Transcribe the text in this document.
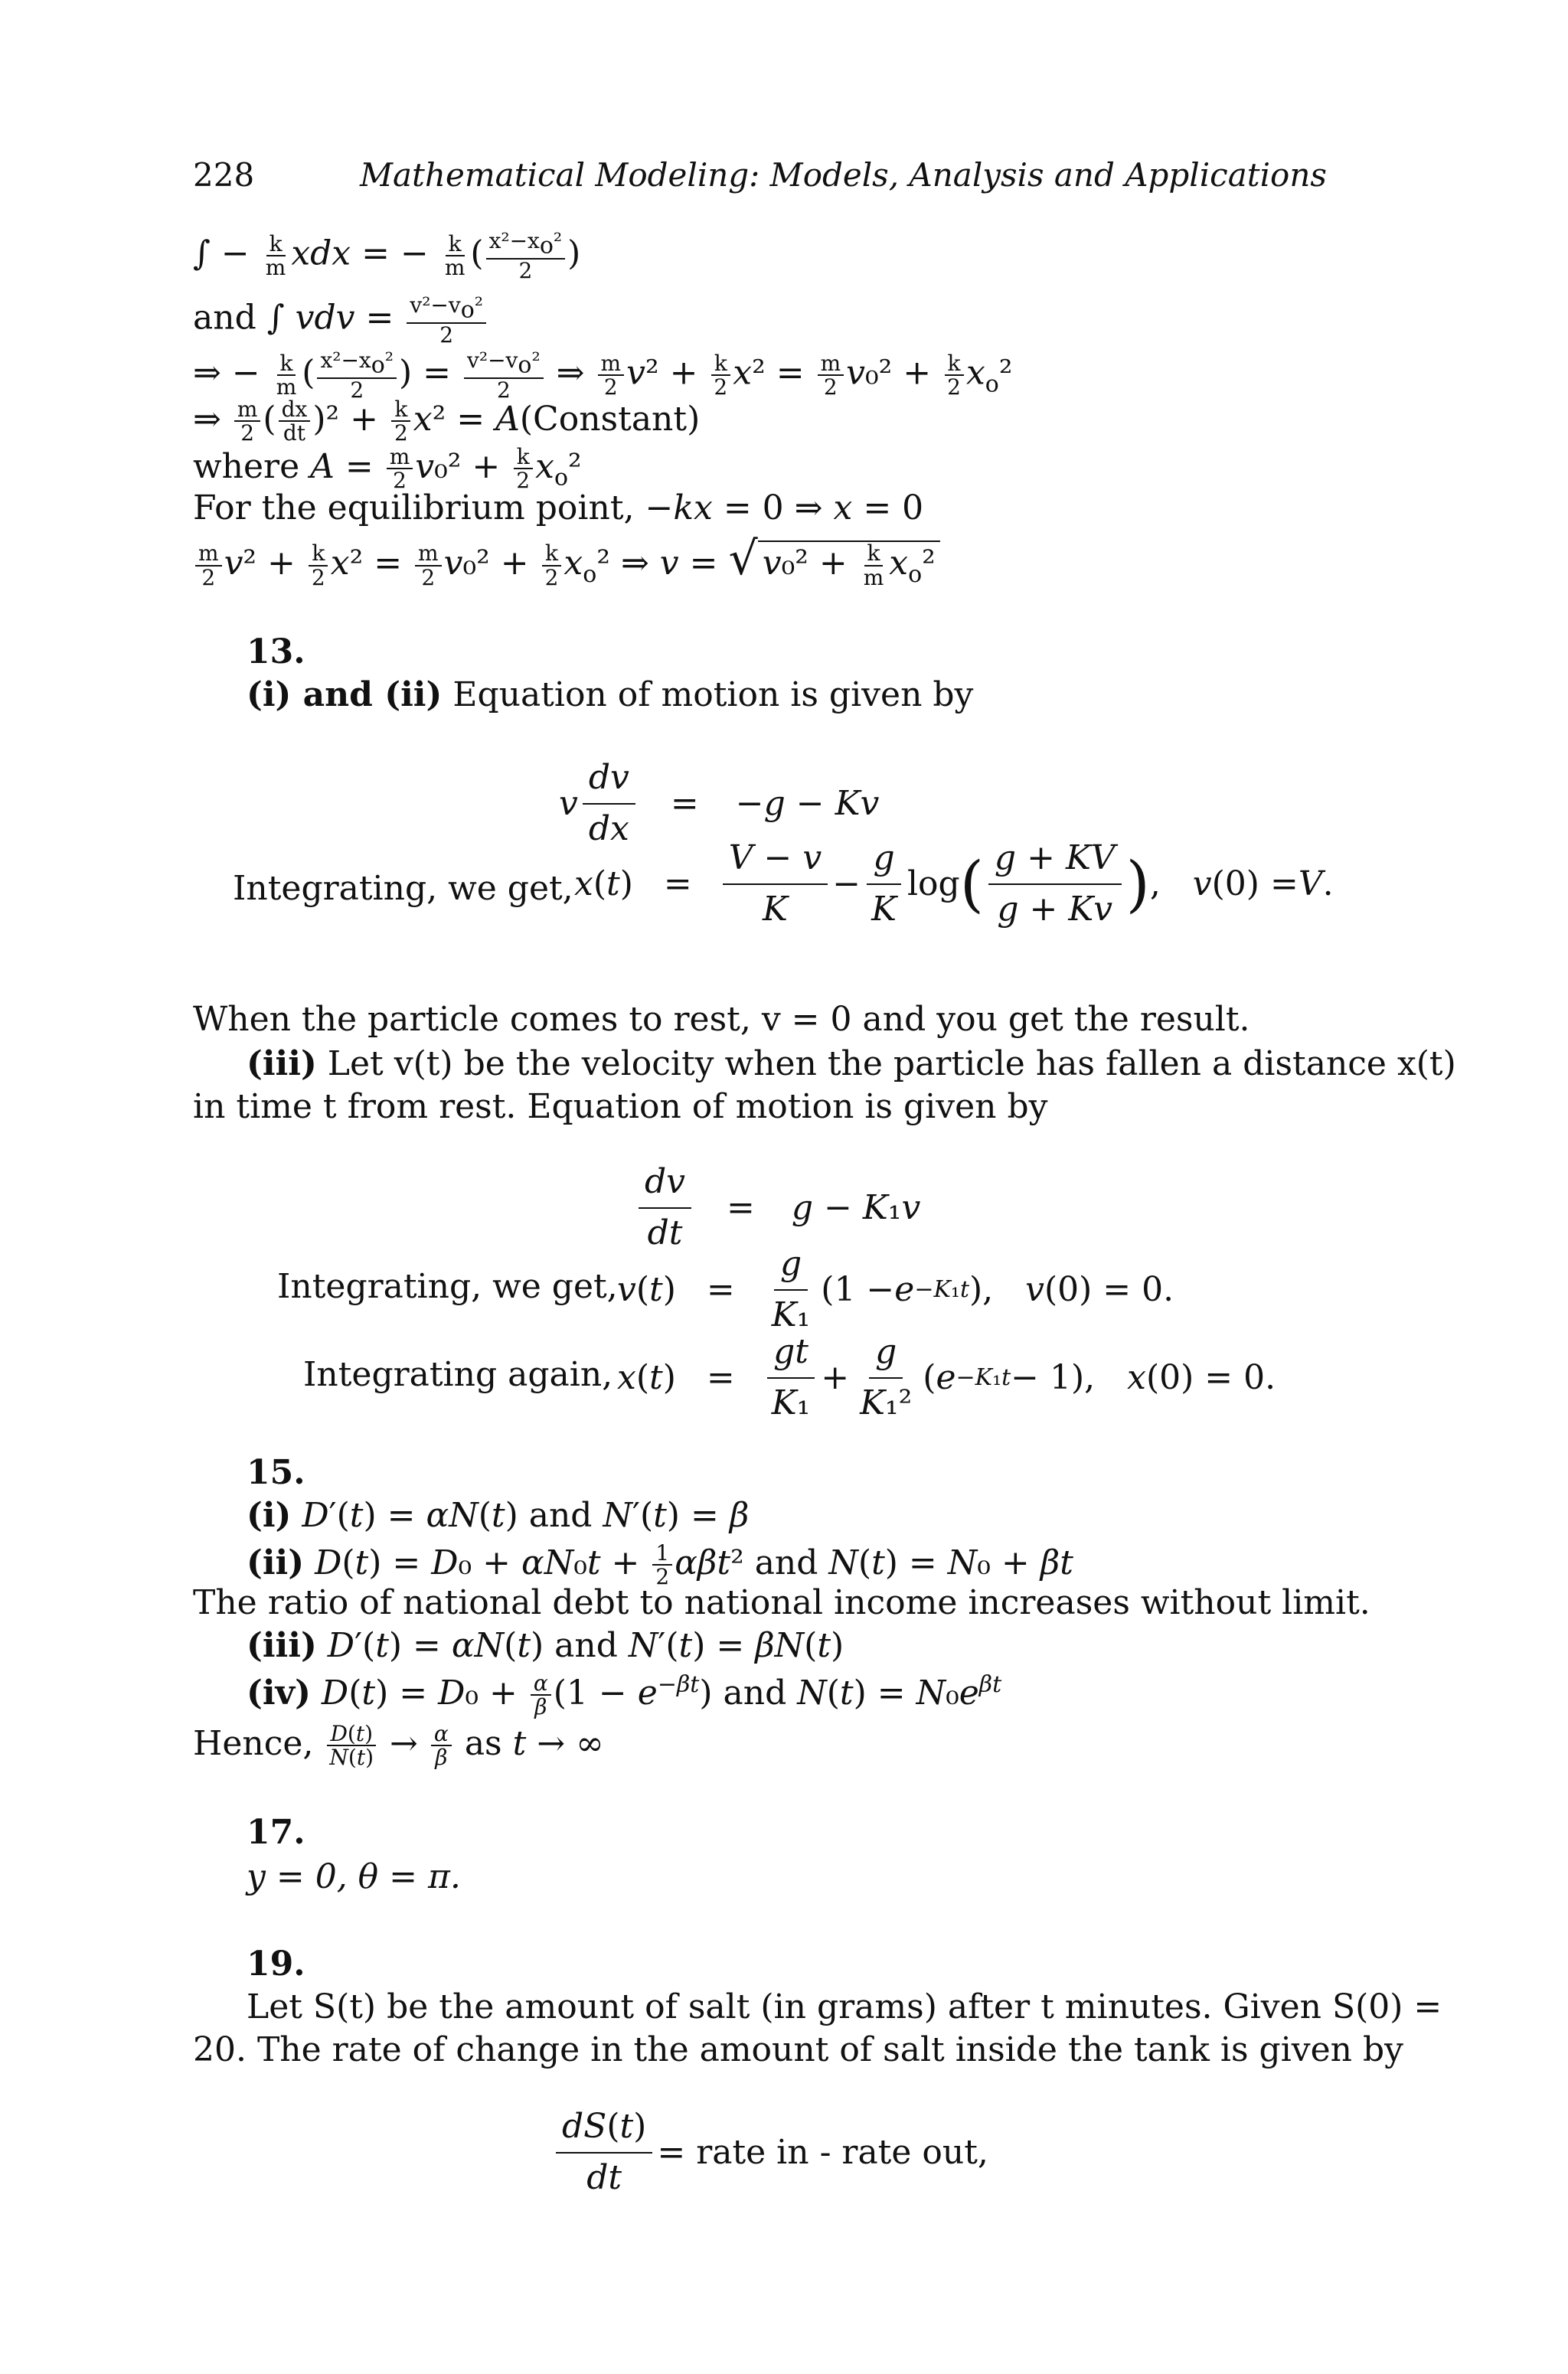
228	Mathematical Modeling: Models, Analysis and Applications
∫ − $\frac{k}{m}$ xdx = − $\frac{k}{m}$ ( $\frac{x^2-x_o^2}{2}$ )
and ∫ vdv = $\frac{v^2-v_o^2}{2}$
⇒ − $\frac{k}{m}$ ( $\frac{x^2-x_o^2}{2}$ ) = $\frac{v^2-v_o^2}{2}$ ⇒ $\frac{m}{2} v^2 + \frac{k}{2} x^2 = \frac{m}{2} v_0^2 + \frac{k}{2} x_o^2$
⇒ $\frac{m}{2}$ ( $\frac{dx}{dt} )^2 + \frac{k}{2} x^2$ = A(Constant)
where $A = \frac{m}{2} v_0^2 + \frac{k}{2} x_o^2$
For the equilibrium point, −kx = 0 ⇒ x = 0
$\frac{m}{2} v^2 + \frac{k}{2} x^2 = \frac{m}{2} v_0^2 + \frac{k}{2} x_o^2$ ⇒ v = √ $v_0^2 + \frac{k}{m} x_o^2$
13.
(i) and (ii) Equation of motion is given by
v $\frac{dv}{dx} = -g - Kv$
Integrating, we get, x ( t ) = $\frac{V - v}{K}$ −
g
K
log ( g + KV
g + Kv ) , v (0) = V .
When the particle comes to rest, v = 0 and you get the result.
(iii) Let v(t) be the velocity when the particle has fallen a distance x(t)
in time t from rest. Equation of motion is given by
$\frac{dv}{dt} = g - K_1v$
Integrating, we get, v ( t ) = $\frac{g}{\text{K₁}} (1 - e -K_1t$ ), v (0) = 0.
Integrating again, x ( t ) = $\frac{gt}{\text{K₁}}$ +
g
K₁²
( e −K₁t − 1), x (0) = 0.
15.
(i) D′(t) = αN(t) and N′(t) = β
(ii) $D(t) = D_0 + \alpha N_0t + \frac{1}{2} \alpha\beta t^2$ and N(t) = N₀ + βt
The ratio of national debt to national income increases without limit.
(iii) D′(t) = αN(t) and N′(t) = βN(t)
(iv) $D(t) = D_0 + \frac{\alpha}{\beta} (1 - e^{-\beta t})$ and $N(t) = N_0e^{\beta t}$
Hence, $\frac{D(t)}{N(t)} \to \frac{\alpha}{\beta}$ as t → ∞
17.
y = 0, θ = π.
19.
Let S(t) be the amount of salt (in grams) after t minutes. Given S(0) =
20. The rate of change in the amount of salt inside the tank is given by
$\frac{dS(t)}{dt}$ = rate in - rate out,
